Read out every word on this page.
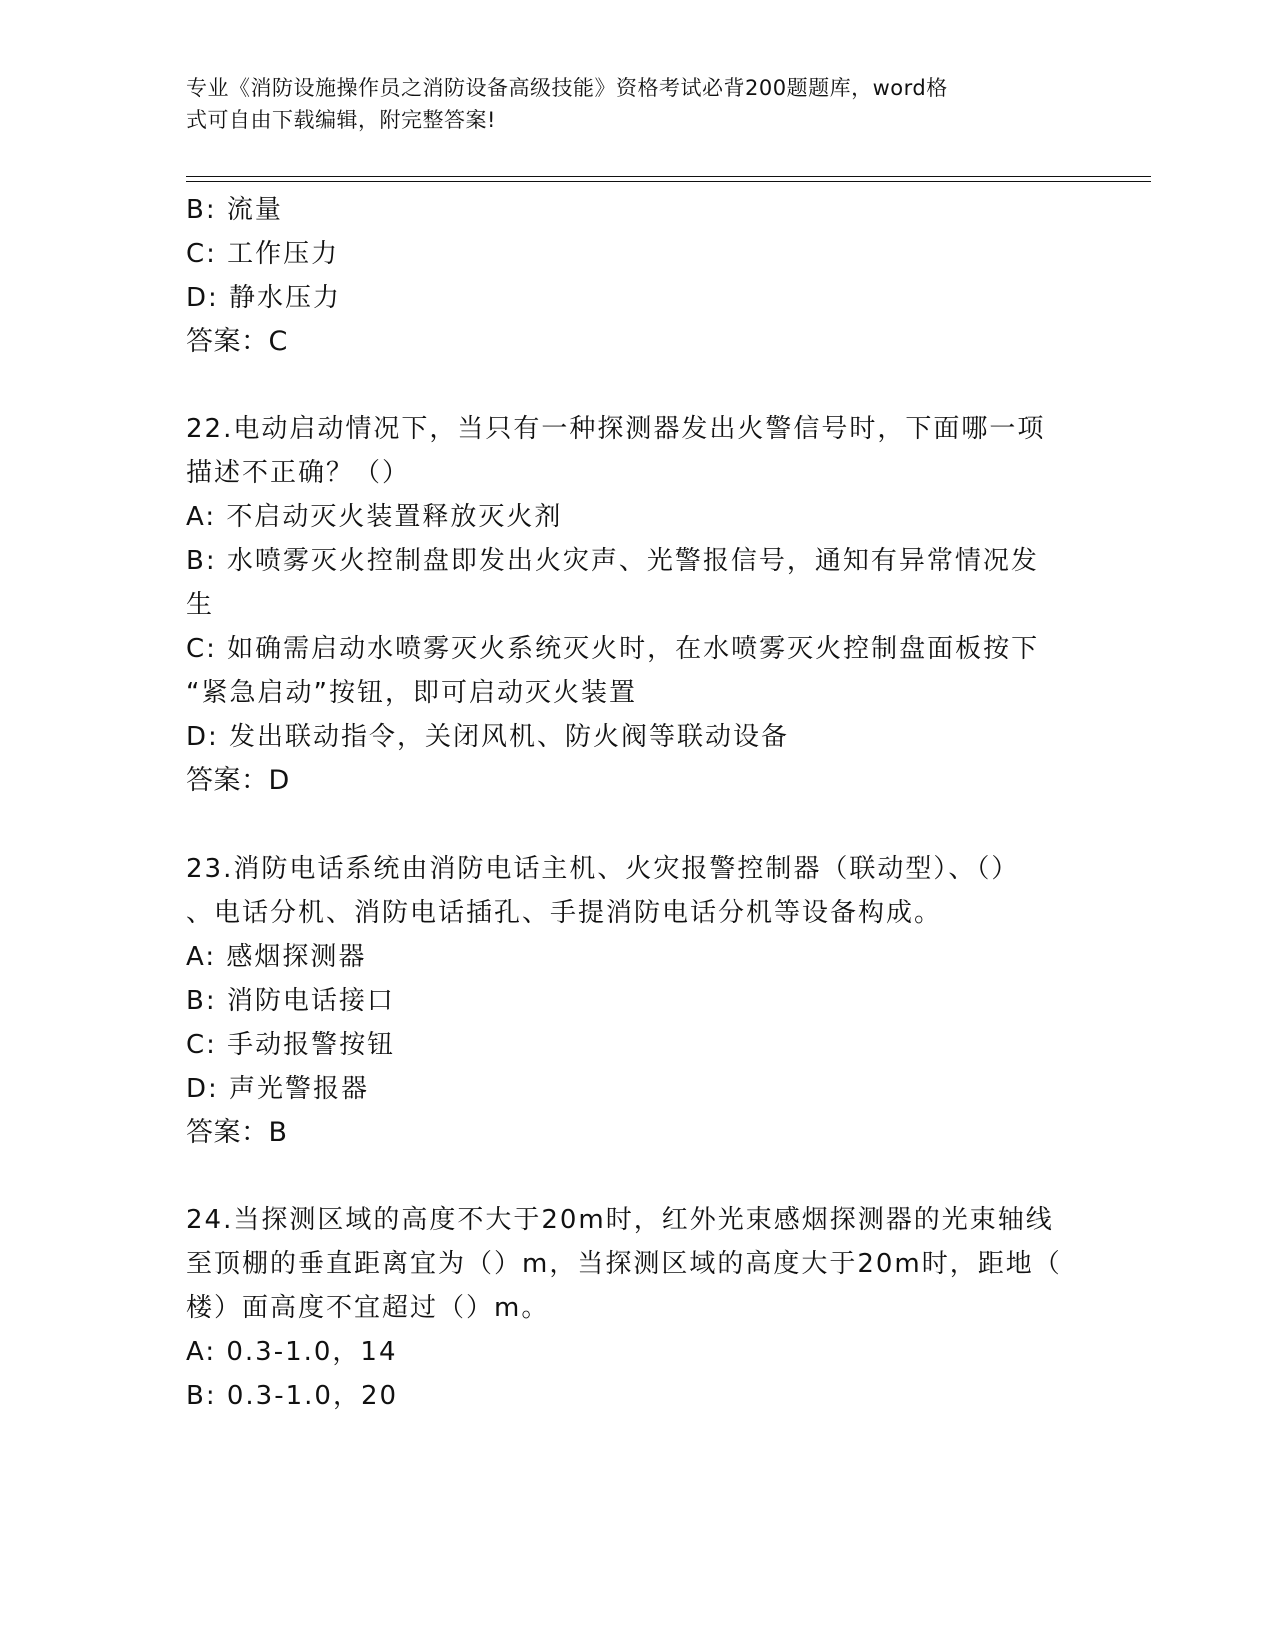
专业《消防设施操作员之消防设备高级技能》资格考试必背200题题库，word格
式可自由下载编辑，附完整答案!
B: 流量
C: 工作压力
D: 静水压力
答案：C
22.电动启动情况下，当只有一种探测器发出火警信号时，下面哪一项
描述不正确？（）
A: 不启动灭火装置释放灭火剂
B: 水喷雾灭火控制盘即发出火灾声、光警报信号，通知有异常情况发
生
C: 如确需启动水喷雾灭火系统灭火时，在水喷雾灭火控制盘面板按下
“紧急启动”按钮，即可启动灭火装置
D: 发出联动指令，关闭风机、防火阀等联动设备
答案：D
23.消防电话系统由消防电话主机、火灾报警控制器（联动型）、（）
、电话分机、消防电话插孔、手提消防电话分机等设备构成。
A: 感烟探测器
B: 消防电话接口
C: 手动报警按钮
D: 声光警报器
答案：B
24.当探测区域的高度不大于20m时，红外光束感烟探测器的光束轴线
至顶棚的垂直距离宜为（）m，当探测区域的高度大于20m时，距地（
楼）面高度不宜超过（）m。
A: 0.3-1.0，14
B: 0.3-1.0，20
